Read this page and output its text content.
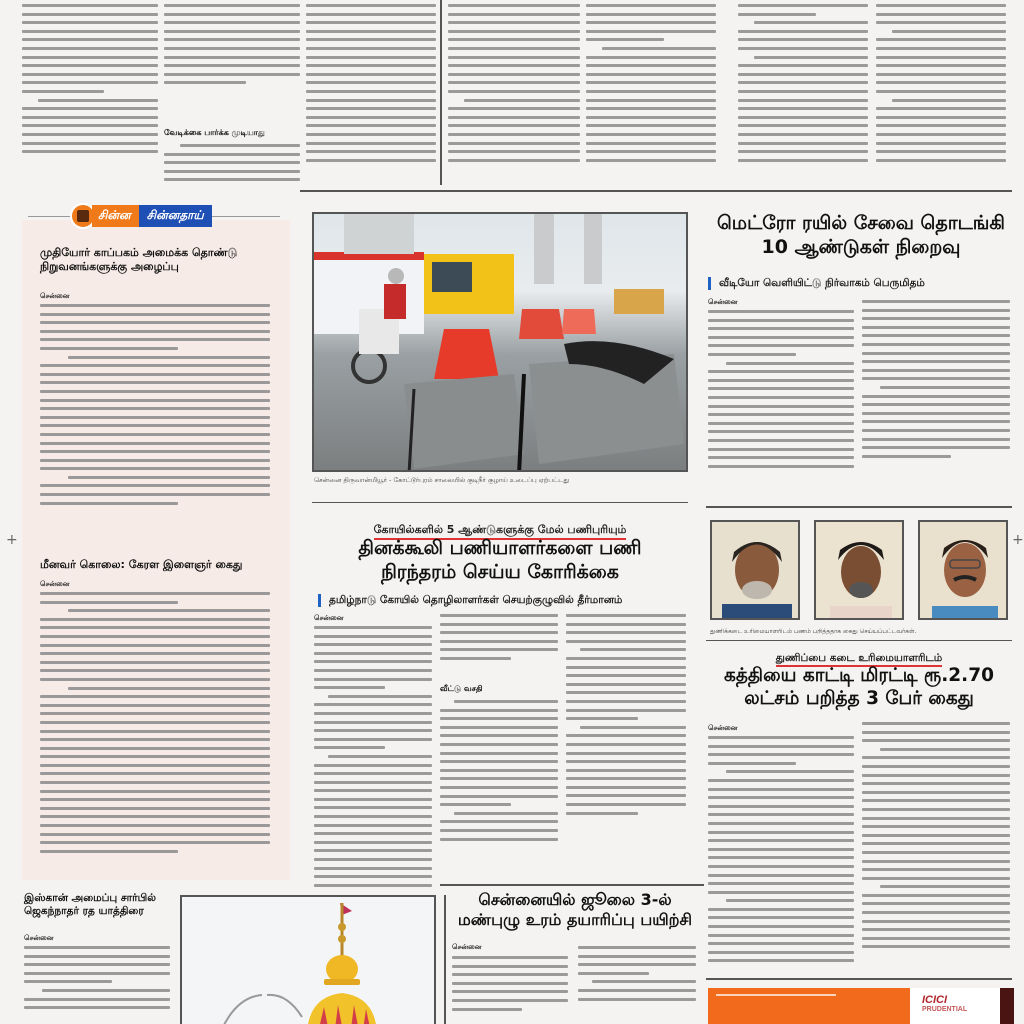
வேடிக்கை பார்க்க முடியாது
சின்ன	சின்னதாய்
முதியோர் காப்பகம் அமைக்க தொண்டு நிறுவனங்களுக்கு அழைப்பு
சென்னை
மீனவர் கொலை: கேரள இளைஞர் கைது
சென்னை
சென்னை திருவான்மியூர் - கோட்டூர்புரம் சாலையில் குடிநீர் குழாய் உடைப்பு ஏற்பட்டது
கோயில்களில் 5 ஆண்டுகளுக்கு மேல் பணிபுரியும்
தினக்கூலி பணியாளர்களை பணி நிரந்தரம் செய்ய கோரிக்கை
தமிழ்நாடு கோயில் தொழிலாளர்கள் செயற்குழுவில் தீர்மானம்
சென்னை
வீட்டு வசதி
மெட்ரோ ரயில் சேவை தொடங்கி 10 ஆண்டுகள் நிறைவு
வீடியோ வெளியிட்டு நிர்வாகம் பெருமிதம்
சென்னை
துணிக்கடை உரிமையாளரிடம் பணம் பறித்ததாக கைது செய்யப்பட்டவர்கள்.
துணிப்பை கடை உரிமையாளரிடம்
கத்தியை காட்டி மிரட்டி ரூ.2.70 லட்சம் பறித்த 3 பேர் கைது
சென்னை
இஸ்கான் அமைப்பு சார்பில் ஜெகந்நாதர் ரத யாத்திரை
சென்னை
சென்னையில் ஜூலை 3-ல் மண்புழு உரம் தயாரிப்பு பயிற்சி
சென்னை
ICICI
PRUDENTIAL
+	+
